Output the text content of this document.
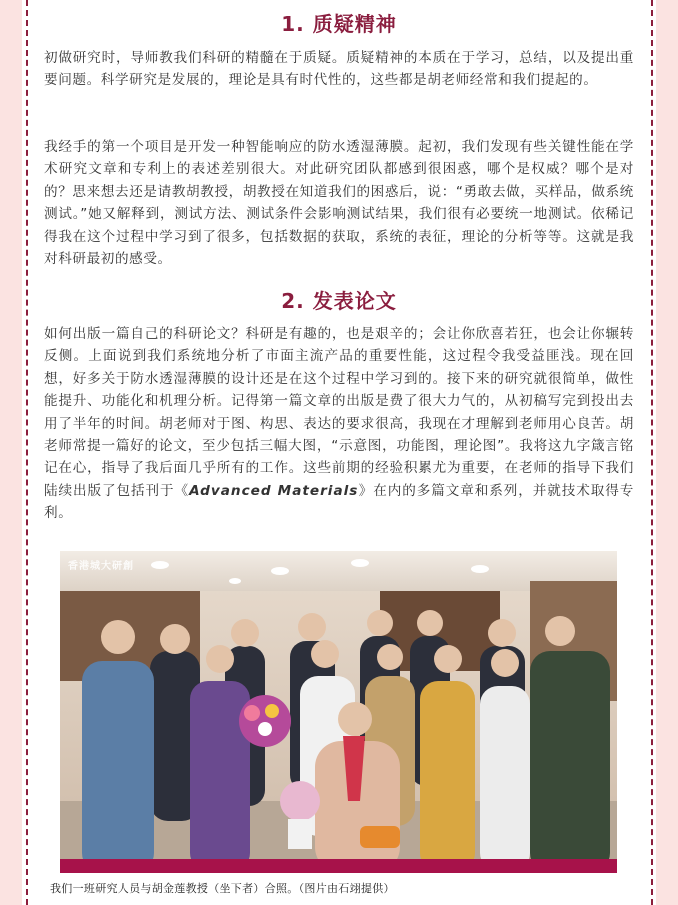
1. 质疑精神

初做研究时，导师教我们科研的精髓在于质疑。质疑精神的本质在于学习，总结，以及提出重要问题。科学研究是发展的，理论是具有时代性的，这些都是胡老师经常和我们提起的。

我经手的第一个项目是开发一种智能响应的防水透湿薄膜。起初，我们发现有些关键性能在学术研究文章和专利上的表述差别很大。对此研究团队都感到很困惑，哪个是权威？哪个是对的？思来想去还是请教胡教授，胡教授在知道我们的困惑后，说：“勇敢去做，买样品，做系统测试。”她又解释到，测试方法、测试条件会影响测试结果，我们很有必要统一地测试。依稀记得我在这个过程中学习到了很多，包括数据的获取，系统的表征，理论的分析等等。这就是我对科研最初的感受。

2. 发表论文

如何出版一篇自己的科研论文？科研是有趣的，也是艰辛的；会让你欣喜若狂，也会让你辗转反侧。上面说到我们系统地分析了市面主流产品的重要性能，这过程令我受益匪浅。现在回想，好多关于防水透湿薄膜的设计还是在这个过程中学习到的。接下来的研究就很简单，做性能提升、功能化和机理分析。记得第一篇文章的出版是费了很大力气的，从初稿写完到投出去用了半年的时间。胡老师对于图、构思、表达的要求很高，我现在才理解到老师用心良苦。胡老师常提一篇好的论文，至少包括三幅大图，“示意图，功能图，理论图”。我将这九字箴言铭记在心，指导了我后面几乎所有的工作。这些前期的经验积累尤为重要，在老师的指导下我们陆续出版了包括刊于《Advanced Materials》在内的多篇文章和系列，并就技术取得专利。

香港城大研創
我们一班研究人员与胡金莲教授（坐下者）合照。（图片由石翊提供）
